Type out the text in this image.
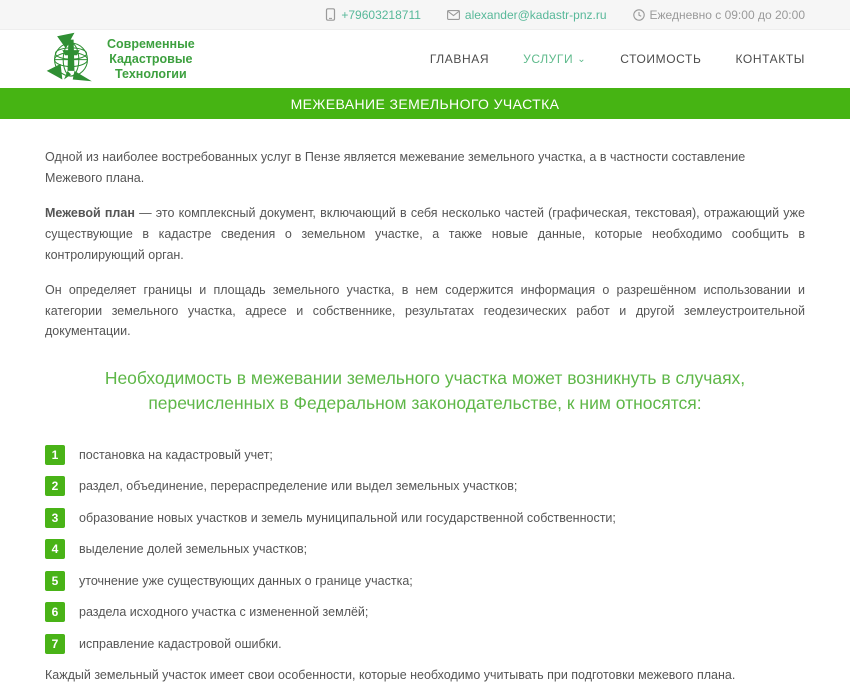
+79603218711	alexander@kadastr-pnz.ru	Ежедневно с 09:00 до 20:00
Современные
Кадастровые
Технологии
ГЛАВНАЯ	УСЛУГИ ⌄	СТОИМОСТЬ	КОНТАКТЫ
МЕЖЕВАНИЕ ЗЕМЕЛЬНОГО УЧАСТКА

Одной из наиболее востребованных услуг в Пензе является межевание земельного участка, а в частности составление Межевого плана.

Межевой план — это комплексный документ, включающий в себя несколько частей (графическая, текстовая), отражающий уже существующие в кадастре сведения о земельном участке, а также новые данные, которые необходимо сообщить в контролирующий орган.

Он определяет границы и площадь земельного участка, в нем содержится информация о разрешённом использовании и категории земельного участка, адресе и собственнике, результатах геодезических работ и другой землеустроительной документации.

Необходимость в межевании земельного участка может возникнуть в случаях, перечисленных в Федеральном законодательстве, к ним относятся:
1	постановка на кадастровый учет;
2	раздел, объединение, перераспределение или выдел земельных участков;
3	образование новых участков и земель муниципальной или государственной собственности;
4	выделение долей земельных участков;
5	уточнение уже существующих данных о границе участка;
6	раздела исходного участка с измененной землёй;
7	исправление кадастровой ошибки.

Каждый земельный участок имеет свои особенности, которые необходимо учитывать при подготовки межевого плана.
